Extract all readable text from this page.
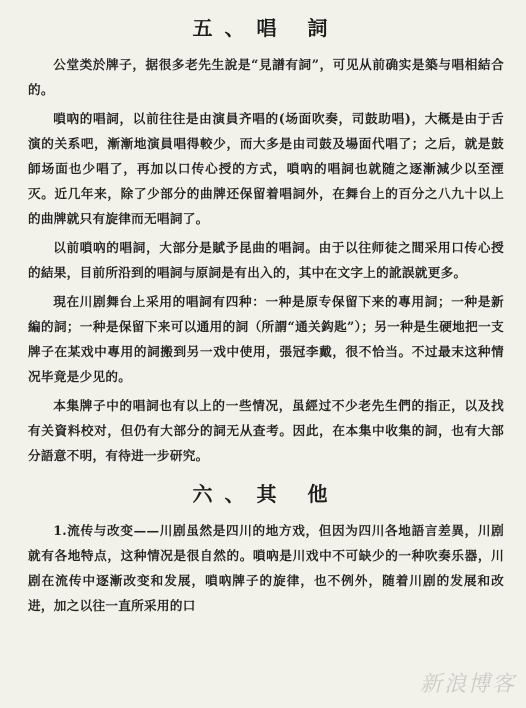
五、唱 詞

公堂类於牌子，据很多老先生說是“見譜有詞”，可见从前确实是築与唱相結合的。

嗩吶的唱詞，以前往往是由演員齐唱的(场面吹奏，司鼓助唱)，大概是由于舌演的关系吧，漸漸地演員唱得較少，而大多是由司鼓及場面代唱了；之后，就是鼓師场面也少唱了，再加以口传心授的方式，嗩吶的唱詞也就随之逐漸減少以至湮灭。近几年来，除了少部分的曲牌还保留着唱詞外，在舞台上的百分之八九十以上的曲牌就只有旋律而无唱詞了。

以前嗩吶的唱詞，大部分是賦予昆曲的唱詞。由于以往师徒之間采用口传心授的結果，目前所沿到的唱詞与原詞是有出入的，其中在文字上的訛誤就更多。

現在川剧舞台上采用的唱詞有四种：一种是原专保留下来的專用詞；一种是新編的詞；一种是保留下来可以通用的詞（所謂“通关鈎匙”）；另一种是生硬地把一支牌子在某戏中專用的詞搬到另一戏中使用，張冠李戴，很不恰当。不过最末这种情况毕竟是少见的。

本集牌子中的唱詞也有以上的一些情况，虽經过不少老先生們的指正，以及找有关資料校对，但仍有大部分的詞无从查考。因此，在本集中收集的詞，也有大部分語意不明，有待进一步研究。

六、其 他

1.流传与改变——川剧虽然是四川的地方戏，但因为四川各地語言差異，川剧就有各地特点，这种情况是很自然的。嗩吶是川戏中不可缺少的一种吹奏乐器，川剧在流传中逐漸改变和发展，嗩吶牌子的旋律，也不例外，随着川剧的发展和改进，加之以往一直所采用的口

新浪博客
